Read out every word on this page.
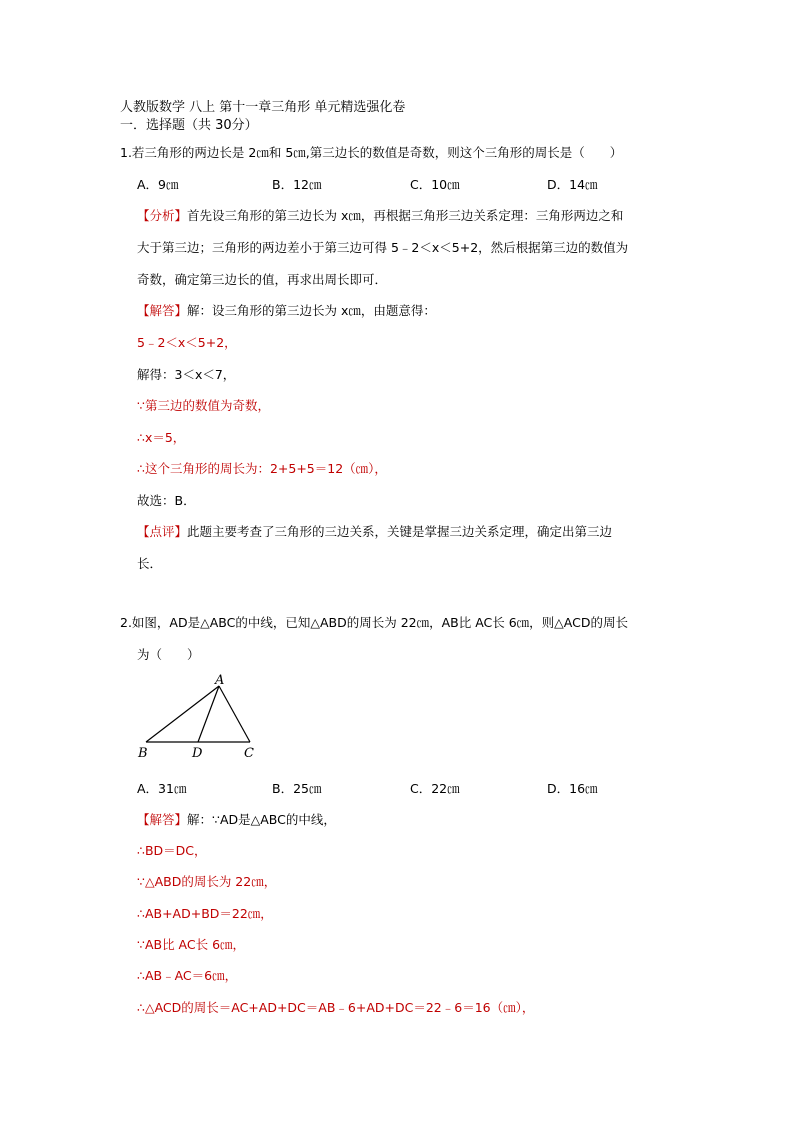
人教版数学 八上 第十一章三角形 单元精选强化卷
一．选择题（共 30分）
1.若三角形的两边长是 2㎝和 5㎝,第三边长的数值是奇数，则这个三角形的周长是（　　）
A．9㎝	B．12㎝	C．10㎝	D．14㎝
【分析】首先设三角形的第三边长为 x㎝，再根据三角形三边关系定理：三角形两边之和
大于第三边；三角形的两边差小于第三边可得 5﹣2＜x＜5+2，然后根据第三边的数值为
奇数，确定第三边长的值，再求出周长即可．
【解答】解：设三角形的第三边长为 x㎝，由题意得：
5﹣2＜x＜5+2，
解得：3＜x＜7，
∵第三边的数值为奇数，
∴x＝5，
∴这个三角形的周长为：2+5+5＝12（㎝），
故选：B．
【点评】此题主要考查了三角形的三边关系，关键是掌握三边关系定理，确定出第三边
长．
2.如图，AD是△ABC的中线，已知△ABD的周长为 22㎝，AB比 AC长 6㎝，则△ACD的周长
为（　　）
A
B	D	C
A．31㎝	B．25㎝	C．22㎝	D．16㎝
【解答】解：∵AD是△ABC的中线，
∴BD＝DC，
∵△ABD的周长为 22㎝，
∴AB+AD+BD＝22㎝，
∵AB比 AC长 6㎝，
∴AB﹣AC＝6㎝，
∴△ACD的周长＝AC+AD+DC＝AB﹣6+AD+DC＝22﹣6＝16（㎝），
